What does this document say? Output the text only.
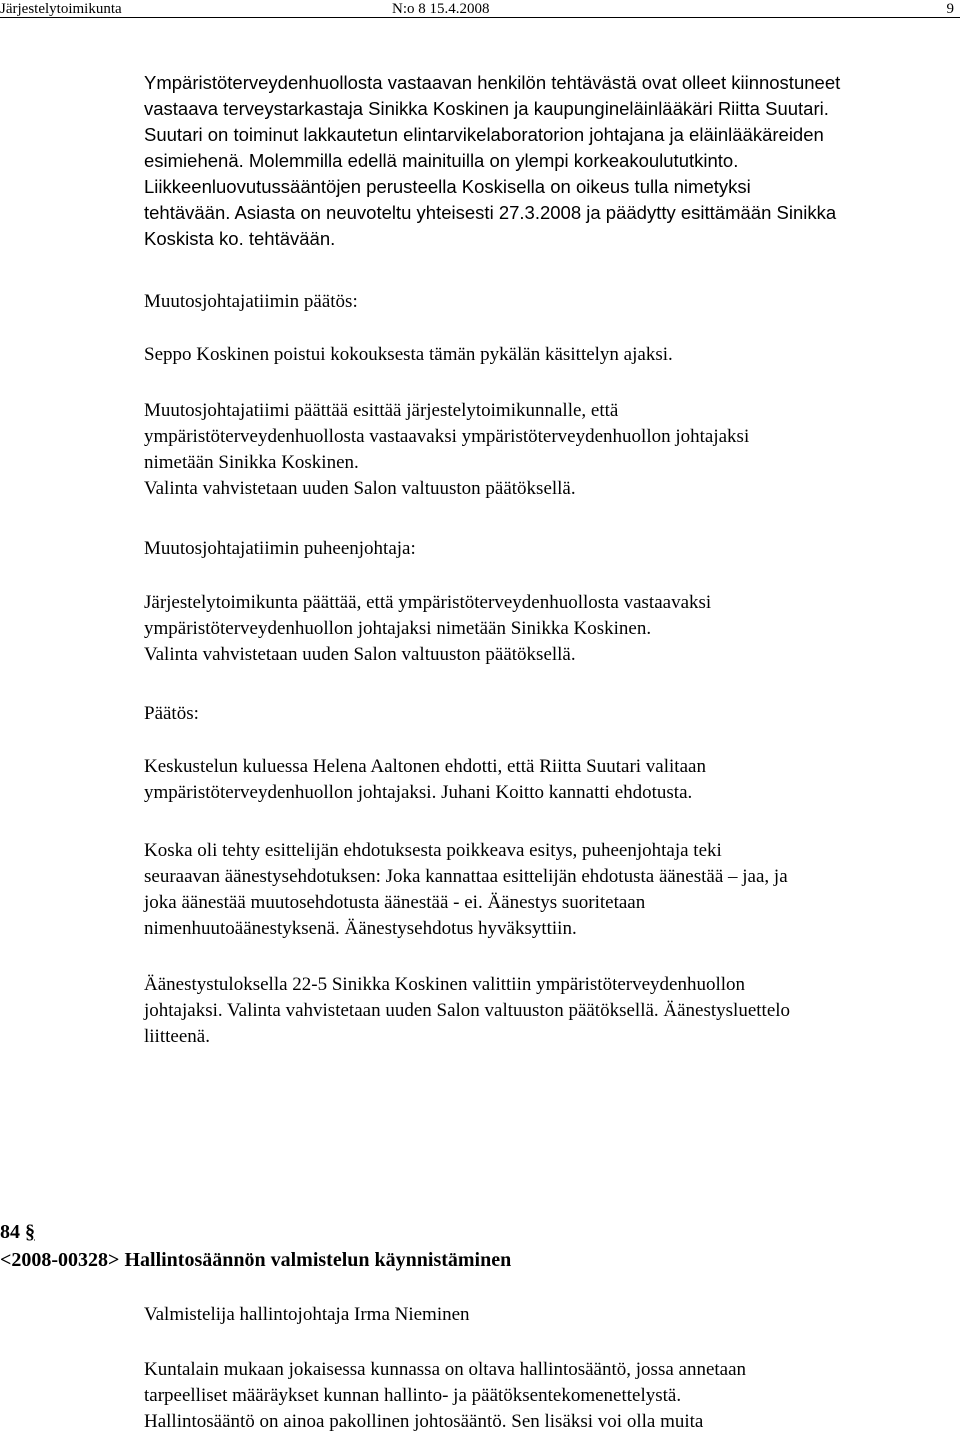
Järjestelytoimikunta	N:o 8 15.4.2008	9
Ympäristöterveydenhuollosta vastaavan henkilön tehtävästä ovat olleet kiinnostuneet
vastaava terveystarkastaja Sinikka Koskinen ja kaupungineläinlääkäri Riitta Suutari.
Suutari on toiminut lakkautetun elintarvikelaboratorion johtajana ja eläinlääkäreiden
esimiehenä. Molemmilla edellä mainituilla on ylempi korkeakoulututkinto.
Liikkeenluovutussääntöjen perusteella Koskisella on oikeus tulla nimetyksi
tehtävään. Asiasta on neuvoteltu yhteisesti 27.3.2008 ja päädytty esittämään Sinikka
Koskista ko. tehtävään.
Muutosjohtajatiimin päätös:
Seppo Koskinen poistui kokouksesta tämän pykälän käsittelyn ajaksi.
Muutosjohtajatiimi päättää esittää järjestelytoimikunnalle, että
ympäristöterveydenhuollosta vastaavaksi ympäristöterveydenhuollon johtajaksi
nimetään Sinikka Koskinen.
Valinta vahvistetaan uuden Salon valtuuston päätöksellä.
Muutosjohtajatiimin puheenjohtaja:
Järjestelytoimikunta päättää, että ympäristöterveydenhuollosta vastaavaksi
ympäristöterveydenhuollon johtajaksi nimetään Sinikka Koskinen.
Valinta vahvistetaan uuden Salon valtuuston päätöksellä.
Päätös:
Keskustelun kuluessa Helena Aaltonen ehdotti, että Riitta Suutari valitaan
ympäristöterveydenhuollon johtajaksi. Juhani Koitto kannatti ehdotusta.
Koska oli tehty esittelijän ehdotuksesta poikkeava esitys, puheenjohtaja teki
seuraavan äänestysehdotuksen: Joka kannattaa esittelijän ehdotusta äänestää – jaa, ja
joka äänestää muutosehdotusta äänestää - ei. Äänestys suoritetaan
nimenhuutoäänestyksenä. Äänestysehdotus hyväksyttiin.
Äänestystuloksella 22-5 Sinikka Koskinen valittiin ympäristöterveydenhuollon
johtajaksi. Valinta vahvistetaan uuden Salon valtuuston päätöksellä. Äänestysluettelo
liitteenä.
84 §
<2008-00328> Hallintosäännön valmistelun käynnistäminen
Valmistelija hallintojohtaja Irma Nieminen
Kuntalain mukaan jokaisessa kunnassa on oltava hallintosääntö, jossa annetaan
tarpeelliset määräykset kunnan hallinto- ja päätöksentekomenettelystä.
Hallintosääntö on ainoa pakollinen johtosääntö. Sen lisäksi voi olla muita
